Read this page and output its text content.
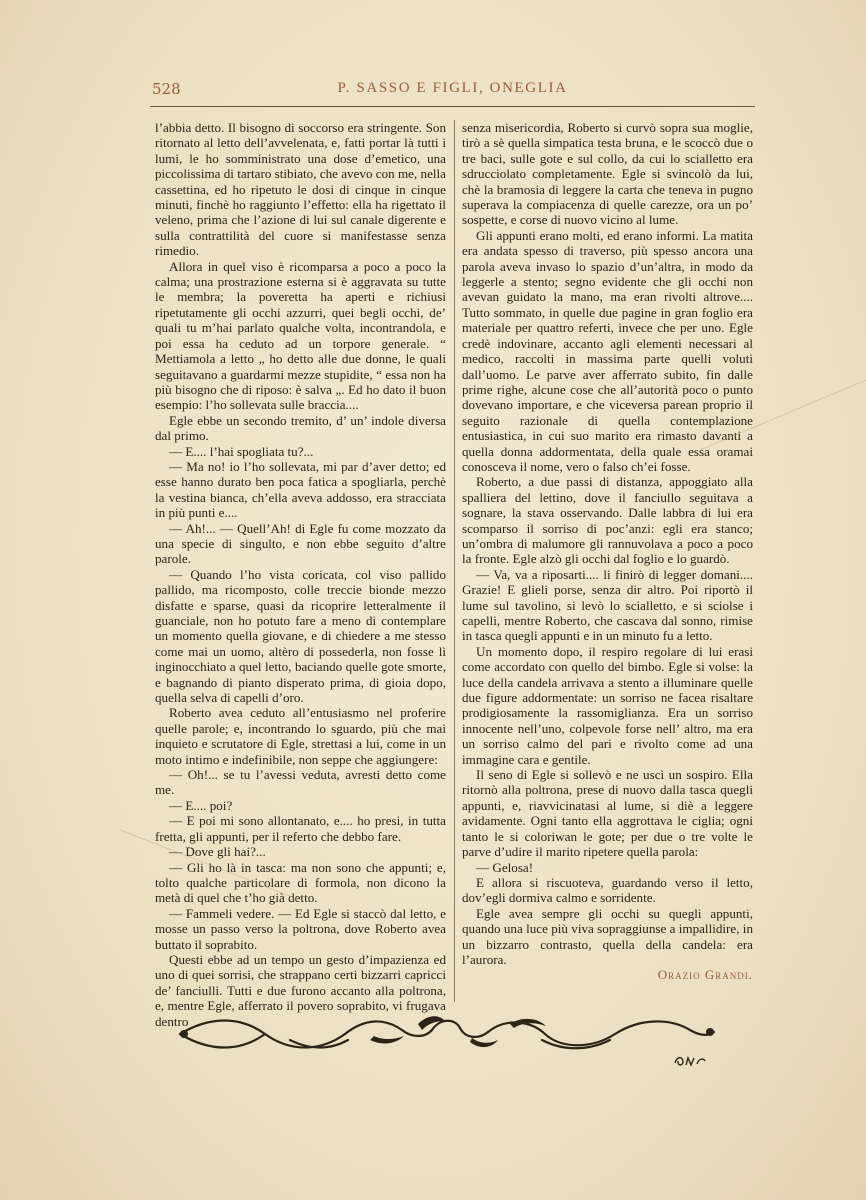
528	P. SASSO E FIGLI, ONEGLIA

l’abbia detto. Il bisogno di soccorso era stringente. Son ritornato al letto dell’avvelenata, e, fatti portar là tutti i lumi, le ho somministrato una dose d’emetico, una piccolissima di tartaro stibiato, che avevo con me, nella cassettina, ed ho ripetuto le dosi di cinque in cinque minuti, finchè ho raggiunto l’effetto: ella ha rigettato il veleno, prima che l’azione di lui sul canale digerente e sulla contrattilità del cuore si manifestasse senza rimedio.

Allora in quel viso è ricomparsa a poco a poco la calma; una prostrazione esterna si è aggravata su tutte le membra; la poveretta ha aperti e richiusi ripetutamente gli occhi azzurri, quei begli occhi, de’ quali tu m’hai parlato qualche volta, incontrandola, e poi essa ha ceduto ad un torpore generale. “ Mettiamola a letto „ ho detto alle due donne, le quali seguitavano a guardarmi mezze stupidite, “ essa non ha più bisogno che di riposo: è salva „. Ed ho dato il buon esempio: l’ho sollevata sulle braccia....

Egle ebbe un secondo tremito, d’ un’ indole diversa dal primo.

— E.... l’hai spogliata tu?...

— Ma no! io l’ho sollevata, mi par d’aver detto; ed esse hanno durato ben poca fatica a spogliarla, perchè la vestina bianca, ch’ella aveva addosso, era stracciata in più punti e....

— Ah!... — Quell’Ah! di Egle fu come mozzato da una specie di singulto, e non ebbe seguito d’altre parole.

— Quando l’ho vista coricata, col viso pallido pallido, ma ricomposto, colle treccie bionde mezzo disfatte e sparse, quasi da ricoprire letteralmente il guanciale, non ho potuto fare a meno di contemplare un momento quella giovane, e di chiedere a me stesso come mai un uomo, altèro di possederla, non fosse lì inginocchiato a quel letto, baciando quelle gote smorte, e bagnando di pianto disperato prima, di gioia dopo, quella selva di capelli d’oro.

Roberto avea ceduto all’entusiasmo nel proferire quelle parole; e, incontrando lo sguardo, più che mai inquieto e scrutatore di Egle, strettasi a lui, come in un moto intimo e indefinibile, non seppe che aggiungere:

— Oh!... se tu l’avessi veduta, avresti detto come me.

— E.... poi?

— E poi mi sono allontanato, e.... ho presi, in tutta fretta, gli appunti, per il referto che debbo fare.

— Dove gli hai?...

— Gli ho là in tasca: ma non sono che appunti; e, tolto qualche particolare di formola, non dicono la metà di quel che t’ho già detto.

— Fammeli vedere. — Ed Egle si staccò dal letto, e mosse un passo verso la poltrona, dove Roberto avea buttato il soprabito.

Questi ebbe ad un tempo un gesto d’impazienza ed uno di quei sorrisi, che strappano certi bizzarri capricci de’ fanciulli. Tutti e due furono accanto alla poltrona, e, mentre Egle, afferrato il povero soprabito, vi frugava dentro

senza misericordia, Roberto si curvò sopra sua moglie, tirò a sè quella simpatica testa bruna, e le scoccò due o tre baci, sulle gote e sul collo, da cui lo scialletto era sdrucciolato completamente. Egle si svincolò da lui, chè la bramosia di leggere la carta che teneva in pugno superava la compiacenza di quelle carezze, ora un po’ sospette, e corse di nuovo vicino al lume.

Gli appunti erano molti, ed erano informi. La matita era andata spesso di traverso, più spesso ancora una parola aveva invaso lo spazio d’un’altra, in modo da leggerle a stento; segno evidente che gli occhi non avevan guidato la mano, ma eran rivolti altrove.... Tutto sommato, in quelle due pagine in gran foglio era materiale per quattro referti, invece che per uno. Egle credè indovinare, accanto agli elementi necessari al medico, raccolti in massima parte quelli voluti dall’uomo. Le parve aver afferrato subito, fin dalle prime righe, alcune cose che all’autorità poco o punto dovevano importare, e che viceversa parean proprio il seguito razionale di quella contemplazione entusiastica, in cui suo marito era rimasto davanti a quella donna addormentata, della quale essa oramai conosceva il nome, vero o falso ch’ei fosse.

Roberto, a due passi di distanza, appoggiato alla spalliera del lettino, dove il fanciullo seguitava a sognare, la stava osservando. Dalle labbra di lui era scomparso il sorriso di poc’anzi: egli era stanco; un’ombra di malumore gli rannuvolava a poco a poco la fronte. Egle alzò gli occhi dal foglio e lo guardò.

— Va, va a riposarti.... li finirò di legger domani.... Grazie! E glieli porse, senza dir altro. Poi riportò il lume sul tavolino, si levò lo scialletto, e si sciolse i capelli, mentre Roberto, che cascava dal sonno, rimise in tasca quegli appunti e in un minuto fu a letto.

Un momento dopo, il respiro regolare di lui erasi come accordato con quello del bimbo. Egle si volse: la luce della candela arrivava a stento a illuminare quelle due figure addormentate: un sorriso ne facea risaltare prodigiosamente la rassomiglianza. Era un sorriso innocente nell’uno, colpevole forse nell’ altro, ma era un sorriso calmo del pari e rivolto come ad una immagine cara e gentile.

Il seno di Egle si sollevò e ne uscì un sospiro. Ella ritornò alla poltrona, prese di nuovo dalla tasca quegli appunti, e, riavvicinatasi al lume, si diè a leggere avidamente. Ogni tanto ella aggrottava le ciglia; ogni tanto le si coloriwan le gote; per due o tre volte le parve d’udire il marito ripetere quella parola:

— Gelosa!

E allora si riscuoteva, guardando verso il letto, dov’egli dormiva calmo e sorridente.

Egle avea sempre gli occhi su quegli appunti, quando una luce più viva sopraggiunse a impallidire, in un bizzarro contrasto, quella della candela: era l’aurora.

Orazio Grandi.
